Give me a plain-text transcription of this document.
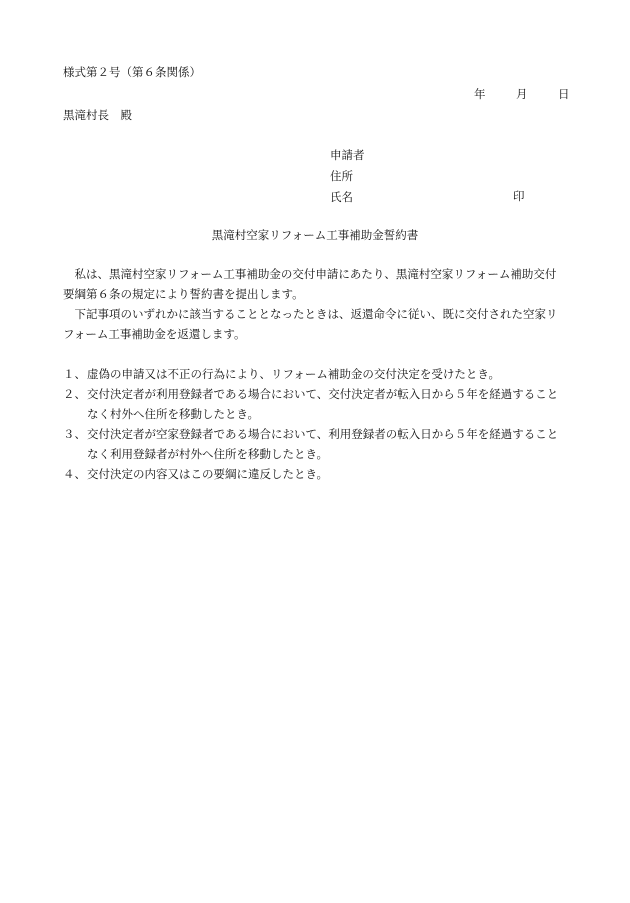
様式第２号（第６条関係）
年	月	日
黒滝村長　殿
申請者
住所
氏名	印
黒滝村空家リフォーム工事補助金誓約書

私は、黒滝村空家リフォーム工事補助金の交付申請にあたり、黒滝村空家リフォーム補助交付

要綱第６条の規定により誓約書を提出します。

下記事項のいずれかに該当することとなったときは、返還命令に従い、既に交付された空家リ

フォーム工事補助金を返還します。

１、 虚偽の申請又は不正の行為により、リフォーム補助金の交付決定を受けたとき。
２、 交付決定者が利用登録者である場合において、交付決定者が転入日から５年を経過すること
なく村外へ住所を移動したとき。
３、 交付決定者が空家登録者である場合において、利用登録者の転入日から５年を経過すること
なく利用登録者が村外へ住所を移動したとき。
４、 交付決定の内容又はこの要綱に違反したとき。
